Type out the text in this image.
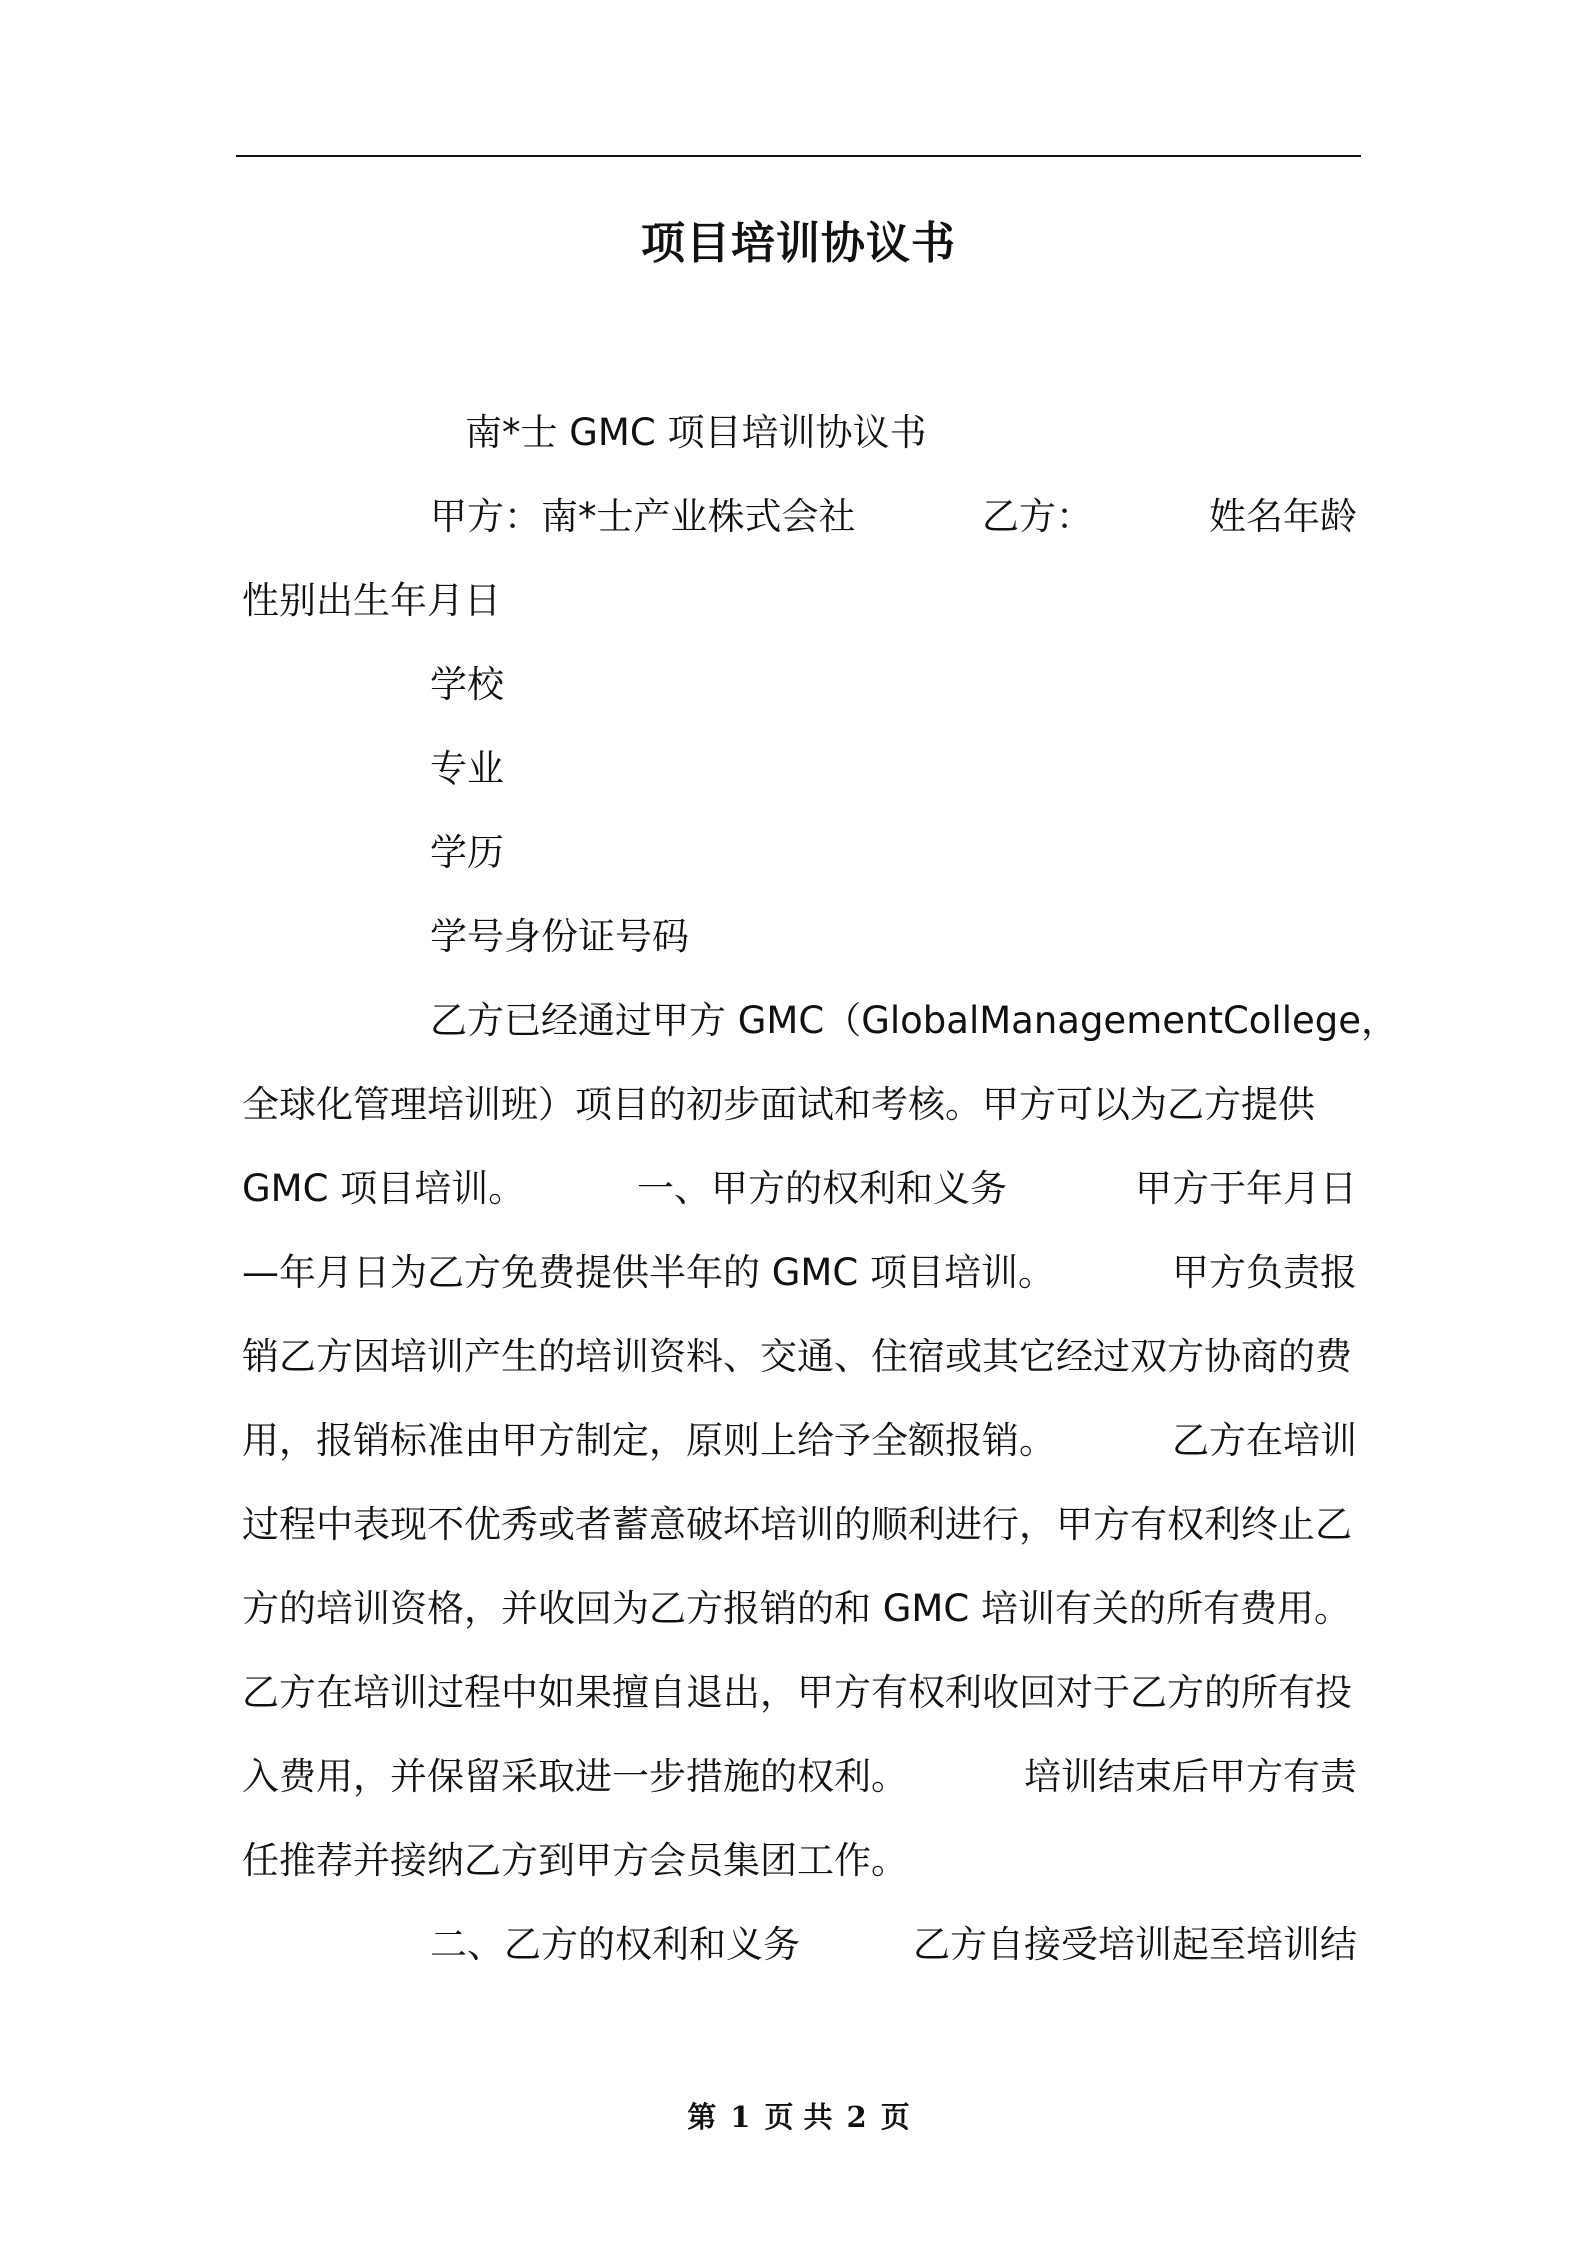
项目培训协议书
南*士 GMC 项目培训协议书
甲方：南*士产业株式会社	乙方：	姓名年龄
性别出生年月日
学校
专业
学历
学号身份证号码
乙方已经通过甲方 GMC（GlobalManagementCollege，
全球化管理培训班）项目的初步面试和考核。甲方可以为乙方提供
GMC 项目培训。	一、甲方的权利和义务	甲方于年月日
—年月日为乙方免费提供半年的 GMC 项目培训。	甲方负责报
销乙方因培训产生的培训资料、交通、住宿或其它经过双方协商的费
用，报销标准由甲方制定，原则上给予全额报销。	乙方在培训
过程中表现不优秀或者蓄意破坏培训的顺利进行，甲方有权利终止乙
方的培训资格，并收回为乙方报销的和 GMC 培训有关的所有费用。
乙方在培训过程中如果擅自退出，甲方有权利收回对于乙方的所有投
入费用，并保留采取进一步措施的权利。	培训结束后甲方有责
任推荐并接纳乙方到甲方会员集团工作。
二、乙方的权利和义务	乙方自接受培训起至培训结
第 1 页 共 2 页
